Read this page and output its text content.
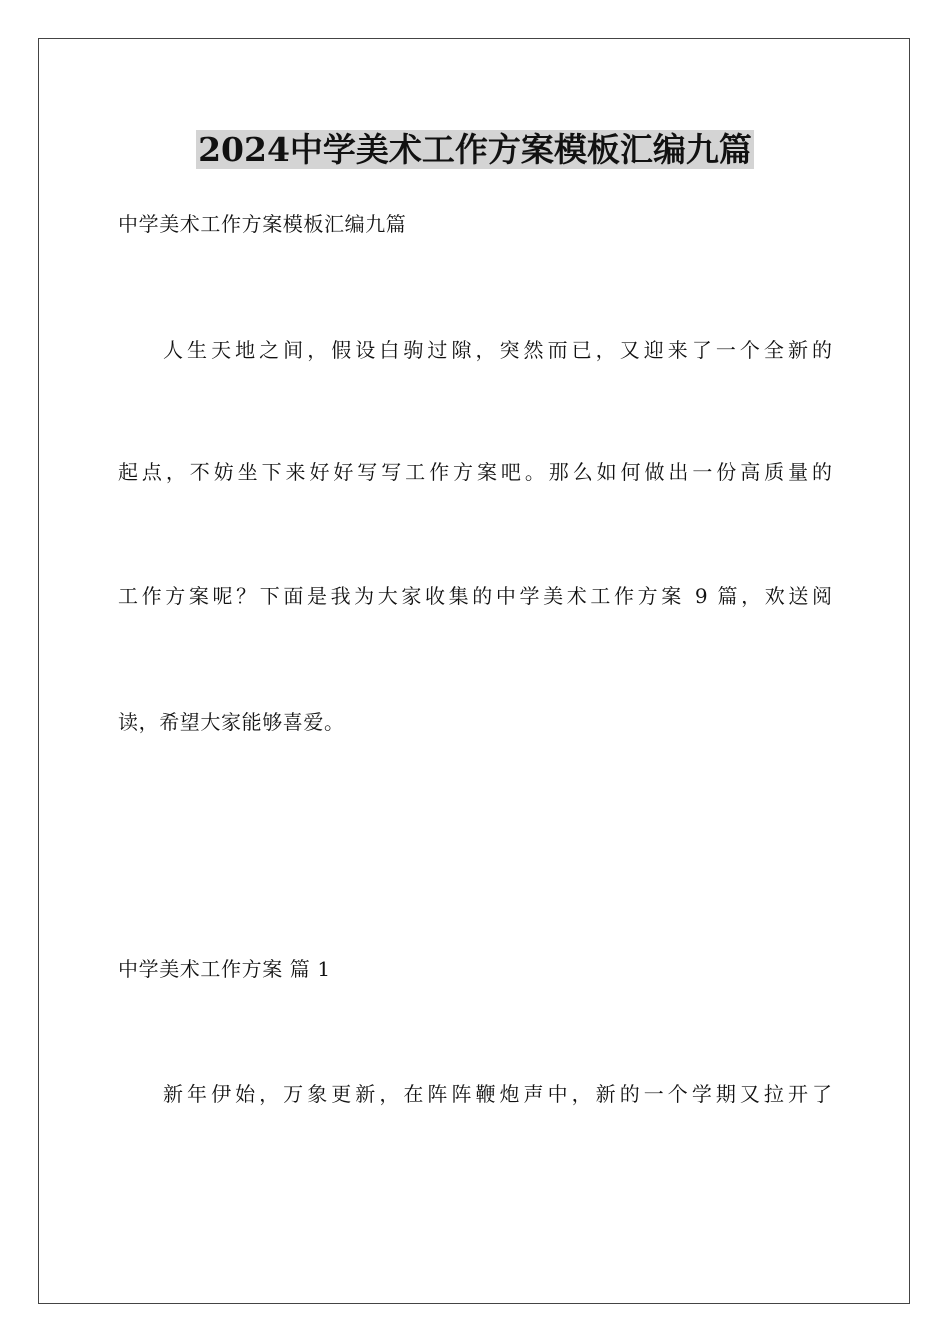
2024中学美术工作方案模板汇编九篇

中学美术工作方案模板汇编九篇

人生天地之间，假设白驹过隙，突然而已，又迎来了一个全新的

起点，不妨坐下来好好写写工作方案吧。那么如何做出一份高质量的

工作方案呢？下面是我为大家收集的中学美术工作方案 9 篇，欢送阅

读，希望大家能够喜爱。

中学美术工作方案 篇 1

新年伊始，万象更新，在阵阵鞭炮声中，新的一个学期又拉开了
